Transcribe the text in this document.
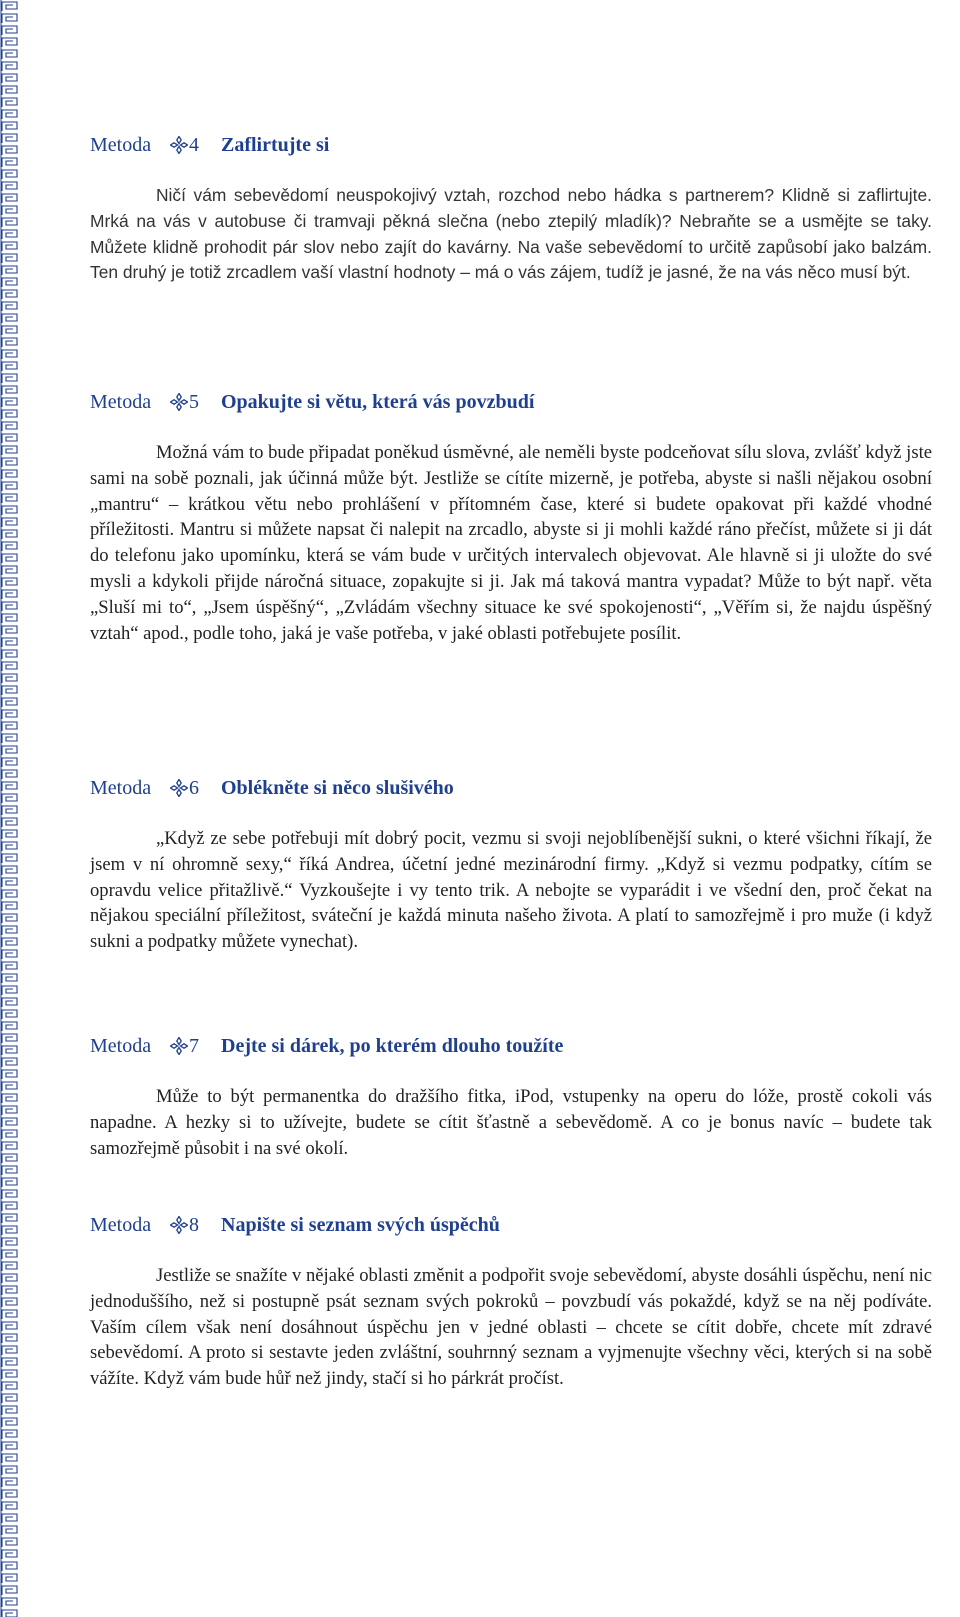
Metoda 4 Zaflirtujte si

Ničí vám sebevědomí neuspokojivý vztah, rozchod nebo hádka s partnerem? Klidně si zaflirtujte. Mrká na vás v autobuse či tramvaji pěkná slečna (nebo ztepilý mladík)? Nebraňte se a usmějte se taky. Můžete klidně prohodit pár slov nebo zajít do kavárny. Na vaše sebevědomí to určitě zapůsobí jako balzám. Ten druhý je totiž zrcadlem vaší vlastní hodnoty – má o vás zájem, tudíž je jasné, že na vás něco musí být.

Metoda 5 Opakujte si větu, která vás povzbudí

Možná vám to bude připadat poněkud úsměvné, ale neměli byste podceňovat sílu slova, zvlášť když jste sami na sobě poznali, jak účinná může být. Jestliže se cítíte mizerně, je potřeba, abyste si našli nějakou osobní „mantru“ – krátkou větu nebo prohlášení v přítomném čase, které si budete opakovat při každé vhodné příležitosti. Mantru si můžete napsat či nalepit na zrcadlo, abyste si ji mohli každé ráno přečíst, můžete si ji dát do telefonu jako upomínku, která se vám bude v určitých intervalech objevovat. Ale hlavně si ji uložte do své mysli a kdykoli přijde náročná situace, zopakujte si ji. Jak má taková mantra vypadat? Může to být např. věta „Sluší mi to“, „Jsem úspěšný“, „Zvládám všechny situace ke své spokojenosti“, „Věřím si, že najdu úspěšný vztah“ apod., podle toho, jaká je vaše potřeba, v jaké oblasti potřebujete posílit.

Metoda 6 Oblékněte si něco slušivého

„Když ze sebe potřebuji mít dobrý pocit, vezmu si svoji nejoblíbenější sukni, o které všichni říkají, že jsem v ní ohromně sexy,“ říká Andrea, účetní jedné mezinárodní firmy. „Když si vezmu podpatky, cítím se opravdu velice přitažlivě.“ Vyzkoušejte i vy tento trik. A nebojte se vyparádit i ve všední den, proč čekat na nějakou speciální příležitost, sváteční je každá minuta našeho života. A platí to samozřejmě i pro muže (i když sukni a podpatky můžete vynechat).

Metoda 7 Dejte si dárek, po kterém dlouho toužíte

Může to být permanentka do dražšího fitka, iPod, vstupenky na operu do lóže, prostě cokoli vás napadne. A hezky si to užívejte, budete se cítit šťastně a sebevědomě. A co je bonus navíc – budete tak samozřejmě působit i na své okolí.

Metoda 8 Napište si seznam svých úspěchů

Jestliže se snažíte v nějaké oblasti změnit a podpořit svoje sebevědomí, abyste dosáhli úspěchu, není nic jednoduššího, než si postupně psát seznam svých pokroků – povzbudí vás pokaždé, když se na něj podíváte. Vaším cílem však není dosáhnout úspěchu jen v jedné oblasti – chcete se cítit dobře, chcete mít zdravé sebevědomí. A proto si sestavte jeden zvláštní, souhrnný seznam a vyjmenujte všechny věci, kterých si na sobě vážíte. Když vám bude hůř než jindy, stačí si ho párkrát pročíst.
